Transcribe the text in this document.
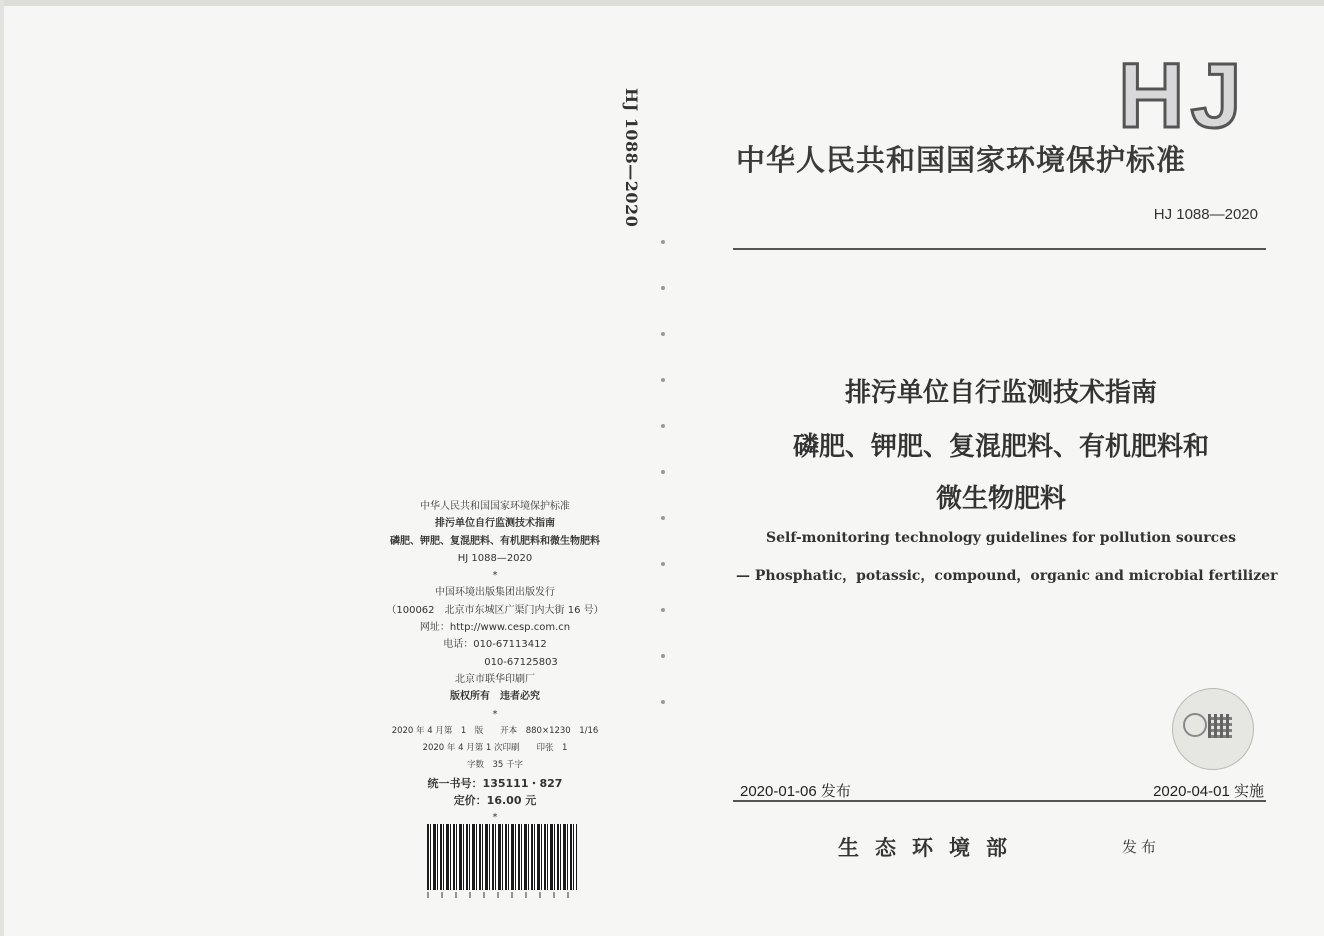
HJ 1088—2020	HJ
中华人民共和国国家环境保护标准
HJ 1088—2020
排污单位自行监测技术指南
磷肥、钾肥、复混肥料、有机肥料和
微生物肥料
Self-monitoring technology guidelines for pollution sources
— Phosphatic，potassic，compound，organic and microbial fertilizer
2020-01-06 发布	2020-04-01 实施
生态环境部	发布
中华人民共和国国家环境保护标准
排污单位自行监测技术指南
磷肥、钾肥、复混肥料、有机肥料和微生物肥料
HJ 1088—2020
*
中国环境出版集团出版发行
（100062　北京市东城区广渠门内大街 16 号）
网址：http://www.cesp.com.cn
电话：010-67113412
010-67125803
北京市联华印刷厂
版权所有　违者必究
*
2020 年 4 月第　1　版　　开本　880×1230　1/16
2020 年 4 月第 1 次印刷　　印张　1
字数　35 千字
统一书号：135111・827
定价：16.00 元
*
